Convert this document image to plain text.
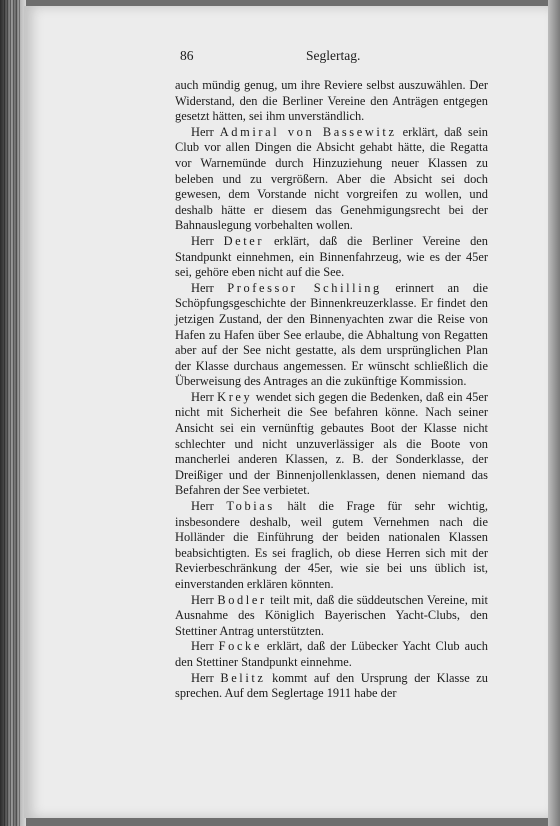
86	Seglertag.

auch mündig genug, um ihre Reviere selbst auszuwählen. Der Widerstand, den die Berliner Vereine den Anträgen entgegen gesetzt hätten, sei ihm unverständlich.

Herr Admiral von Bassewitz erklärt, daß sein Club vor allen Dingen die Absicht gehabt hätte, die Regatta vor Warnemünde durch Hinzuziehung neuer Klassen zu beleben und zu vergrößern. Aber die Absicht sei doch gewesen, dem Vorstande nicht vorgreifen zu wollen, und deshalb hätte er diesem das Genehmigungsrecht bei der Bahnauslegung vorbehalten wollen.

Herr Deter erklärt, daß die Berliner Vereine den Standpunkt einnehmen, ein Binnenfahrzeug, wie es der 45er sei, gehöre eben nicht auf die See.

Herr Professor Schilling erinnert an die Schöpfungsgeschichte der Binnenkreuzerklasse. Er findet den jetzigen Zustand, der den Binnenyachten zwar die Reise von Hafen zu Hafen über See erlaube, die Abhaltung von Regatten aber auf der See nicht gestatte, als dem ursprünglichen Plan der Klasse durchaus angemessen. Er wünscht schließlich die Überweisung des Antrages an die zukünftige Kommission.

Herr Krey wendet sich gegen die Bedenken, daß ein 45er nicht mit Sicherheit die See befahren könne. Nach seiner Ansicht sei ein vernünftig gebautes Boot der Klasse nicht schlechter und nicht unzuverlässiger als die Boote von mancherlei anderen Klassen, z. B. der Sonderklasse, der Dreißiger und der Binnenjollenklassen, denen niemand das Befahren der See verbietet.

Herr Tobias hält die Frage für sehr wichtig, insbesondere deshalb, weil gutem Vernehmen nach die Holländer die Einführung der beiden nationalen Klassen beabsichtigten. Es sei fraglich, ob diese Herren sich mit der Revierbeschränkung der 45er, wie sie bei uns üblich ist, einverstanden erklären könnten.

Herr Bodler teilt mit, daß die süddeutschen Vereine, mit Ausnahme des Königlich Bayerischen Yacht-Clubs, den Stettiner Antrag unterstützten.

Herr Focke erklärt, daß der Lübecker Yacht Club auch den Stettiner Standpunkt einnehme.

Herr Belitz kommt auf den Ursprung der Klasse zu sprechen. Auf dem Seglertage 1911 habe der
